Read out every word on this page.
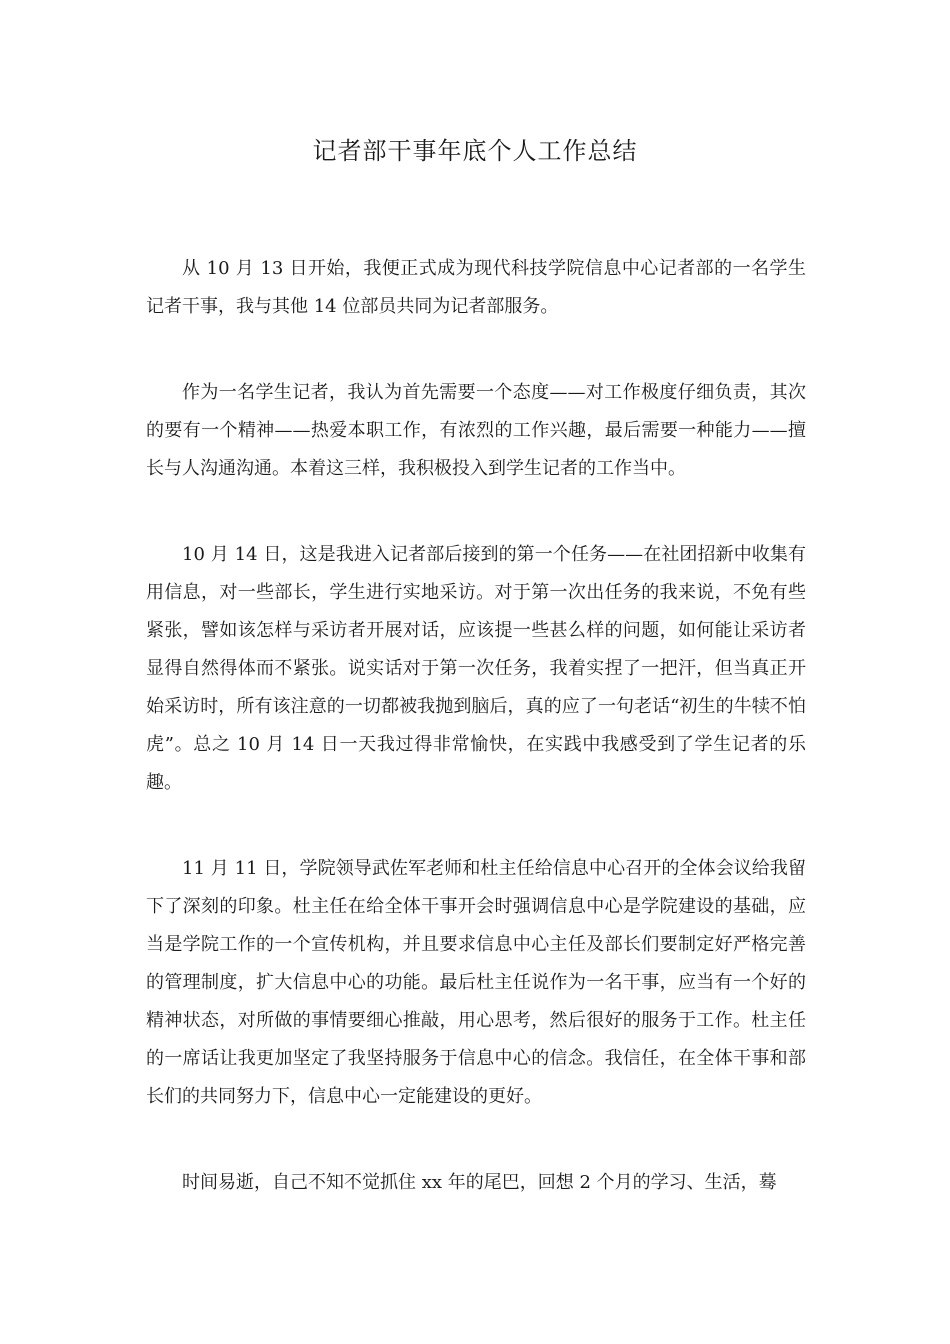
记者部干事年底个人工作总结

从 10 月 13 日开始，我便正式成为现代科技学院信息中心记者部的一名学生记者干事，我与其他 14 位部员共同为记者部服务。

作为一名学生记者，我认为首先需要一个态度——对工作极度仔细负责，其次的要有一个精神——热爱本职工作，有浓烈的工作兴趣，最后需要一种能力——擅长与人沟通沟通。本着这三样，我积极投入到学生记者的工作当中。

10 月 14 日，这是我进入记者部后接到的第一个任务——在社团招新中收集有用信息，对一些部长，学生进行实地采访。对于第一次出任务的我来说，不免有些紧张，譬如该怎样与采访者开展对话，应该提一些甚么样的问题，如何能让采访者显得自然得体而不紧张。说实话对于第一次任务，我着实捏了一把汗，但当真正开始采访时，所有该注意的一切都被我抛到脑后，真的应了一句老话“初生的牛犊不怕虎”。总之 10 月 14 日一天我过得非常愉快，在实践中我感受到了学生记者的乐趣。

11 月 11 日，学院领导武佐军老师和杜主任给信息中心召开的全体会议给我留下了深刻的印象。杜主任在给全体干事开会时强调信息中心是学院建设的基础，应当是学院工作的一个宣传机构，并且要求信息中心主任及部长们要制定好严格完善的管理制度，扩大信息中心的功能。最后杜主任说作为一名干事，应当有一个好的精神状态，对所做的事情要细心推敲，用心思考，然后很好的服务于工作。杜主任的一席话让我更加坚定了我坚持服务于信息中心的信念。我信任，在全体干事和部长们的共同努力下，信息中心一定能建设的更好。

时间易逝，自己不知不觉抓住 xx 年的尾巴，回想 2 个月的学习、生活，蓦
